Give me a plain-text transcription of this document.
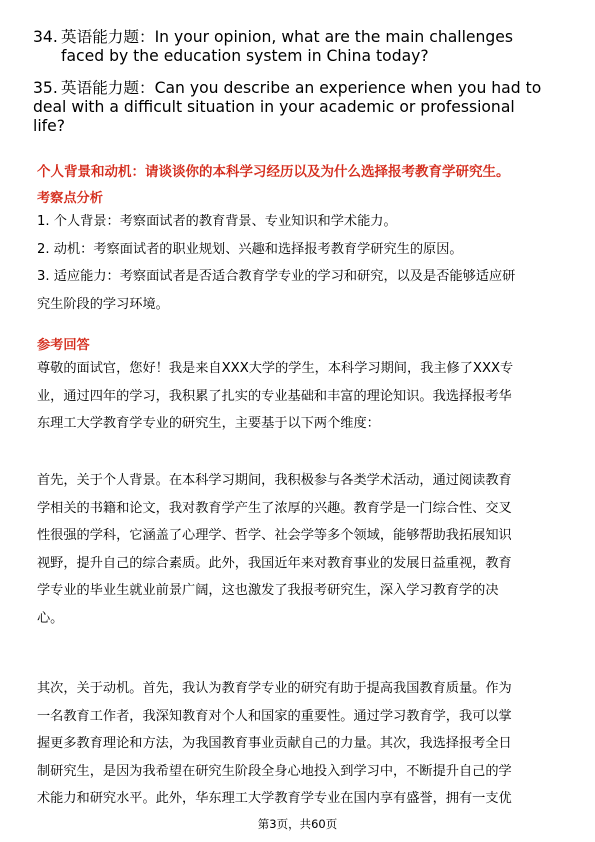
34. 英语能力题：In your opinion, what are the main challenges
faced by the education system in China today?
35. 英语能力题：Can you describe an experience when you had to
deal with a difficult situation in your academic or professional
life?
个人背景和动机：请谈谈你的本科学习经历以及为什么选择报考教育学研究生。
考察点分析
1. 个人背景：考察面试者的教育背景、专业知识和学术能力。
2. 动机：考察面试者的职业规划、兴趣和选择报考教育学研究生的原因。
3. 适应能力：考察面试者是否适合教育学专业的学习和研究，以及是否能够适应研
究生阶段的学习环境。
参考回答
尊敬的面试官，您好！我是来自XXX大学的学生，本科学习期间，我主修了XXX专
业，通过四年的学习，我积累了扎实的专业基础和丰富的理论知识。我选择报考华
东理工大学教育学专业的研究生，主要基于以下两个维度：
首先，关于个人背景。在本科学习期间，我积极参与各类学术活动，通过阅读教育
学相关的书籍和论文，我对教育学产生了浓厚的兴趣。教育学是一门综合性、交叉
性很强的学科，它涵盖了心理学、哲学、社会学等多个领域，能够帮助我拓展知识
视野，提升自己的综合素质。此外，我国近年来对教育事业的发展日益重视，教育
学专业的毕业生就业前景广阔，这也激发了我报考研究生，深入学习教育学的决
心。
其次，关于动机。首先，我认为教育学专业的研究有助于提高我国教育质量。作为
一名教育工作者，我深知教育对个人和国家的重要性。通过学习教育学，我可以掌
握更多教育理论和方法，为我国教育事业贡献自己的力量。其次，我选择报考全日
制研究生，是因为我希望在研究生阶段全身心地投入到学习中，不断提升自己的学
术能力和研究水平。此外，华东理工大学教育学专业在国内享有盛誉，拥有一支优
第3页，共60页
